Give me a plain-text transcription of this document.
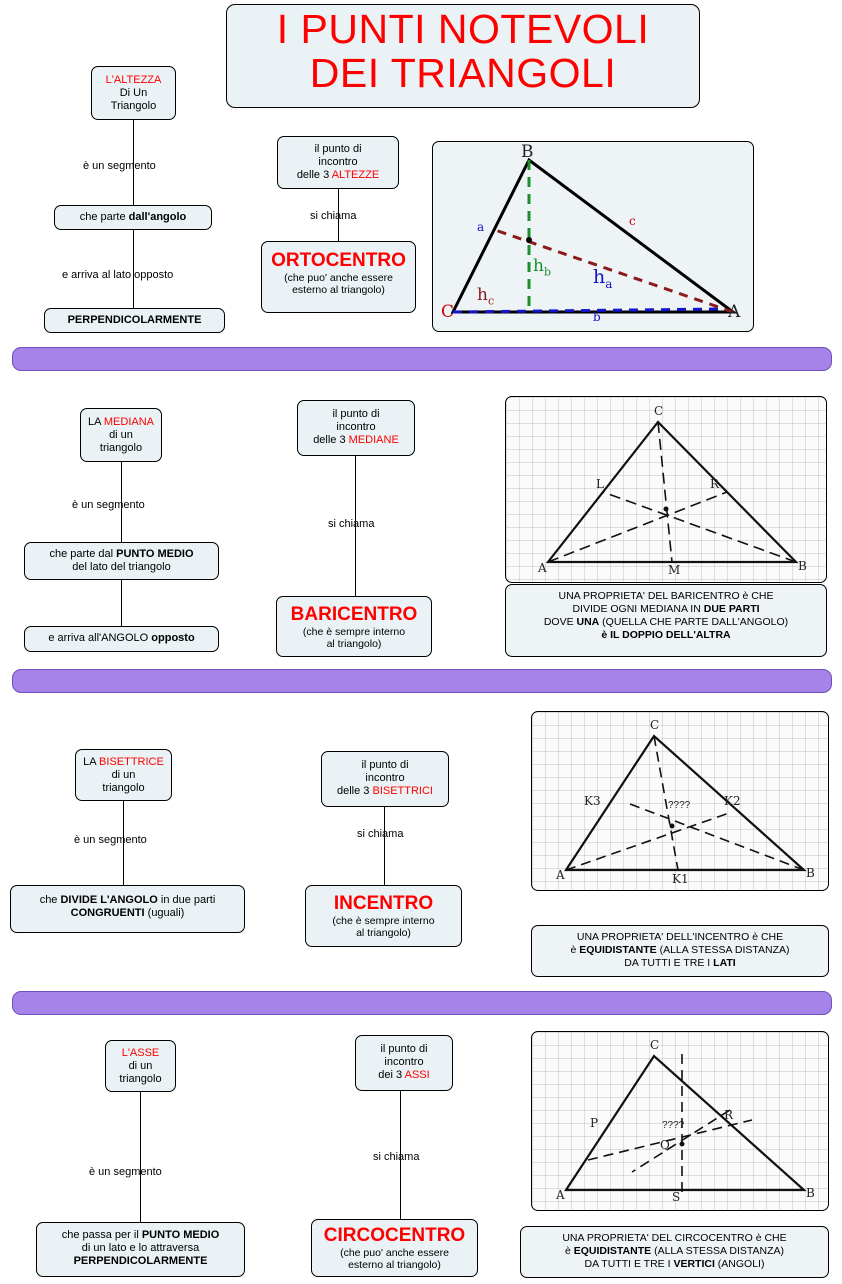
I PUNTI NOTEVOLI
DEI TRIANGOLI
L'ALTEZZA
Di Un
Triangolo
è un segmento
che parte dall'angolo
e arriva al lato opposto
PERPENDICOLARMENTE
il punto di
incontro
delle 3 ALTEZZE
si chiama
ORTOCENTRO
(che puo' anche essere
esterno al triangolo)
B
A
C
a
b
c
$h_b$ $h_a$
$h_c$
LA MEDIANA
di un
triangolo
è un segmento
che parte dal PUNTO MEDIO
del lato del triangolo
e arriva all'ANGOLO opposto
il punto di
incontro
delle 3 MEDIANE
si chiama
BARICENTRO
(che è sempre interno
al triangolo)
A	B
C
L	R
M
UNA PROPRIETA' DEL BARICENTRO è CHE
DIVIDE OGNI MEDIANA IN DUE PARTI
DOVE UNA (QUELLA CHE PARTE DALL'ANGOLO)
è IL DOPPIO DELL'ALTRA
LA BISETTRICE
di un
triangolo
è un segmento
che DIVIDE L'ANGOLO in due parti
CONGRUENTI (uguali)
il punto di
incontro
delle 3 BISETTRICI
si chiama
INCENTRO
(che è sempre interno
al triangolo)
A	B
C
K3	K2
K1
????
UNA PROPRIETA' DELL'INCENTRO è CHE
è EQUIDISTANTE (ALLA STESSA DISTANZA)
DA TUTTI E TRE I LATI
L'ASSE
di un
triangolo
è un segmento
che passa per il PUNTO MEDIO
di un lato e lo attraversa
PERPENDICOLARMENTE
il punto di
incontro
dei 3 ASSI
si chiama
CIRCOCENTRO
(che puo' anche essere
esterno al triangolo)
A	B
C
P
R
Q
S
????
UNA PROPRIETA' DEL CIRCOCENTRO è CHE
è EQUIDISTANTE (ALLA STESSA DISTANZA)
DA TUTTI E TRE I VERTICI (ANGOLI)
